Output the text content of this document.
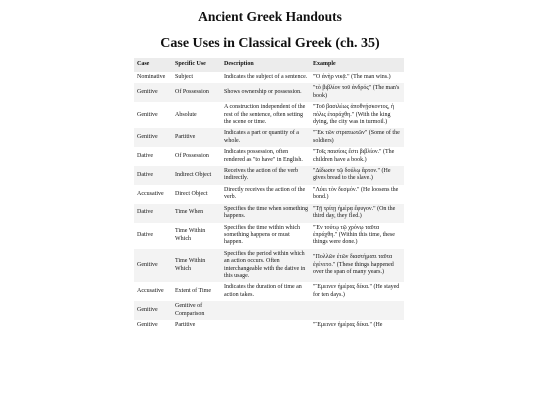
Ancient Greek Handouts
Case Uses in Classical Greek (ch. 35)
Case	Specific Use	Description	Example
Nominative	Subject	Indicates the subject of a sentence.	"Ὁ ἀνὴρ νικᾷ." (The man wins.)
Genitive	Of Possession	Shows ownership or possession.	"τὸ βιβλίον τοῦ ἀνδρός" (The man's book)
Genitive	Absolute	A construction independent of the rest of the sentence, often setting the scene or time.	"Τοῦ βασιλέως ἀποθνῄσκοντος, ἡ πόλις ἐταράχθη." (With the king dying, the city was in turmoil.)
Genitive	Partitive	Indicates a part or quantity of a whole.	"Ἔκ τῶν στρατιωτῶν" (Some of the soldiers)
Dative	Of Possession	Indicates possession, often rendered as "to have" in English.	"Τοῖς παισίοις ἔστι βιβλίον." (The children have a book.)
Dative	Indirect Object	Receives the action of the verb indirectly.	"Δίδωσιν τῷ δούλῳ ἄρτον." (He gives bread to the slave.)
Accusative	Direct Object	Directly receives the action of the verb.	"Λύει τὸν δεσμόν." (He loosens the bond.)
Dative	Time When	Specifies the time when something happens.	"Τῇ τρίτῃ ἡμέρᾳ ἔφυγον." (On the third day, they fled.)
Dative	Time Within Which	Specifies the time within which something happens or must happen.	"Ἐν τούτῳ τῷ χρόνῳ ταῦτα ἐπράχθη." (Within this time, these things were done.)
Genitive	Time Within Which	Specifies the period within which an action occurs. Often interchangeable with the dative in this usage.	"Πολλῶν ἐτῶν διαστήματι ταῦτα ἐγένετο." (These things happened over the span of many years.)
Accusative	Extent of Time	Indicates the duration of time an action takes.	"Ἔμεινεν ἡμέρας δέκα." (He stayed for ten days.)
Genitive	Genitive of Comparison		
Genitive	Partitive		"Ἔμεινεν ἡμέρας δέκα." (He
